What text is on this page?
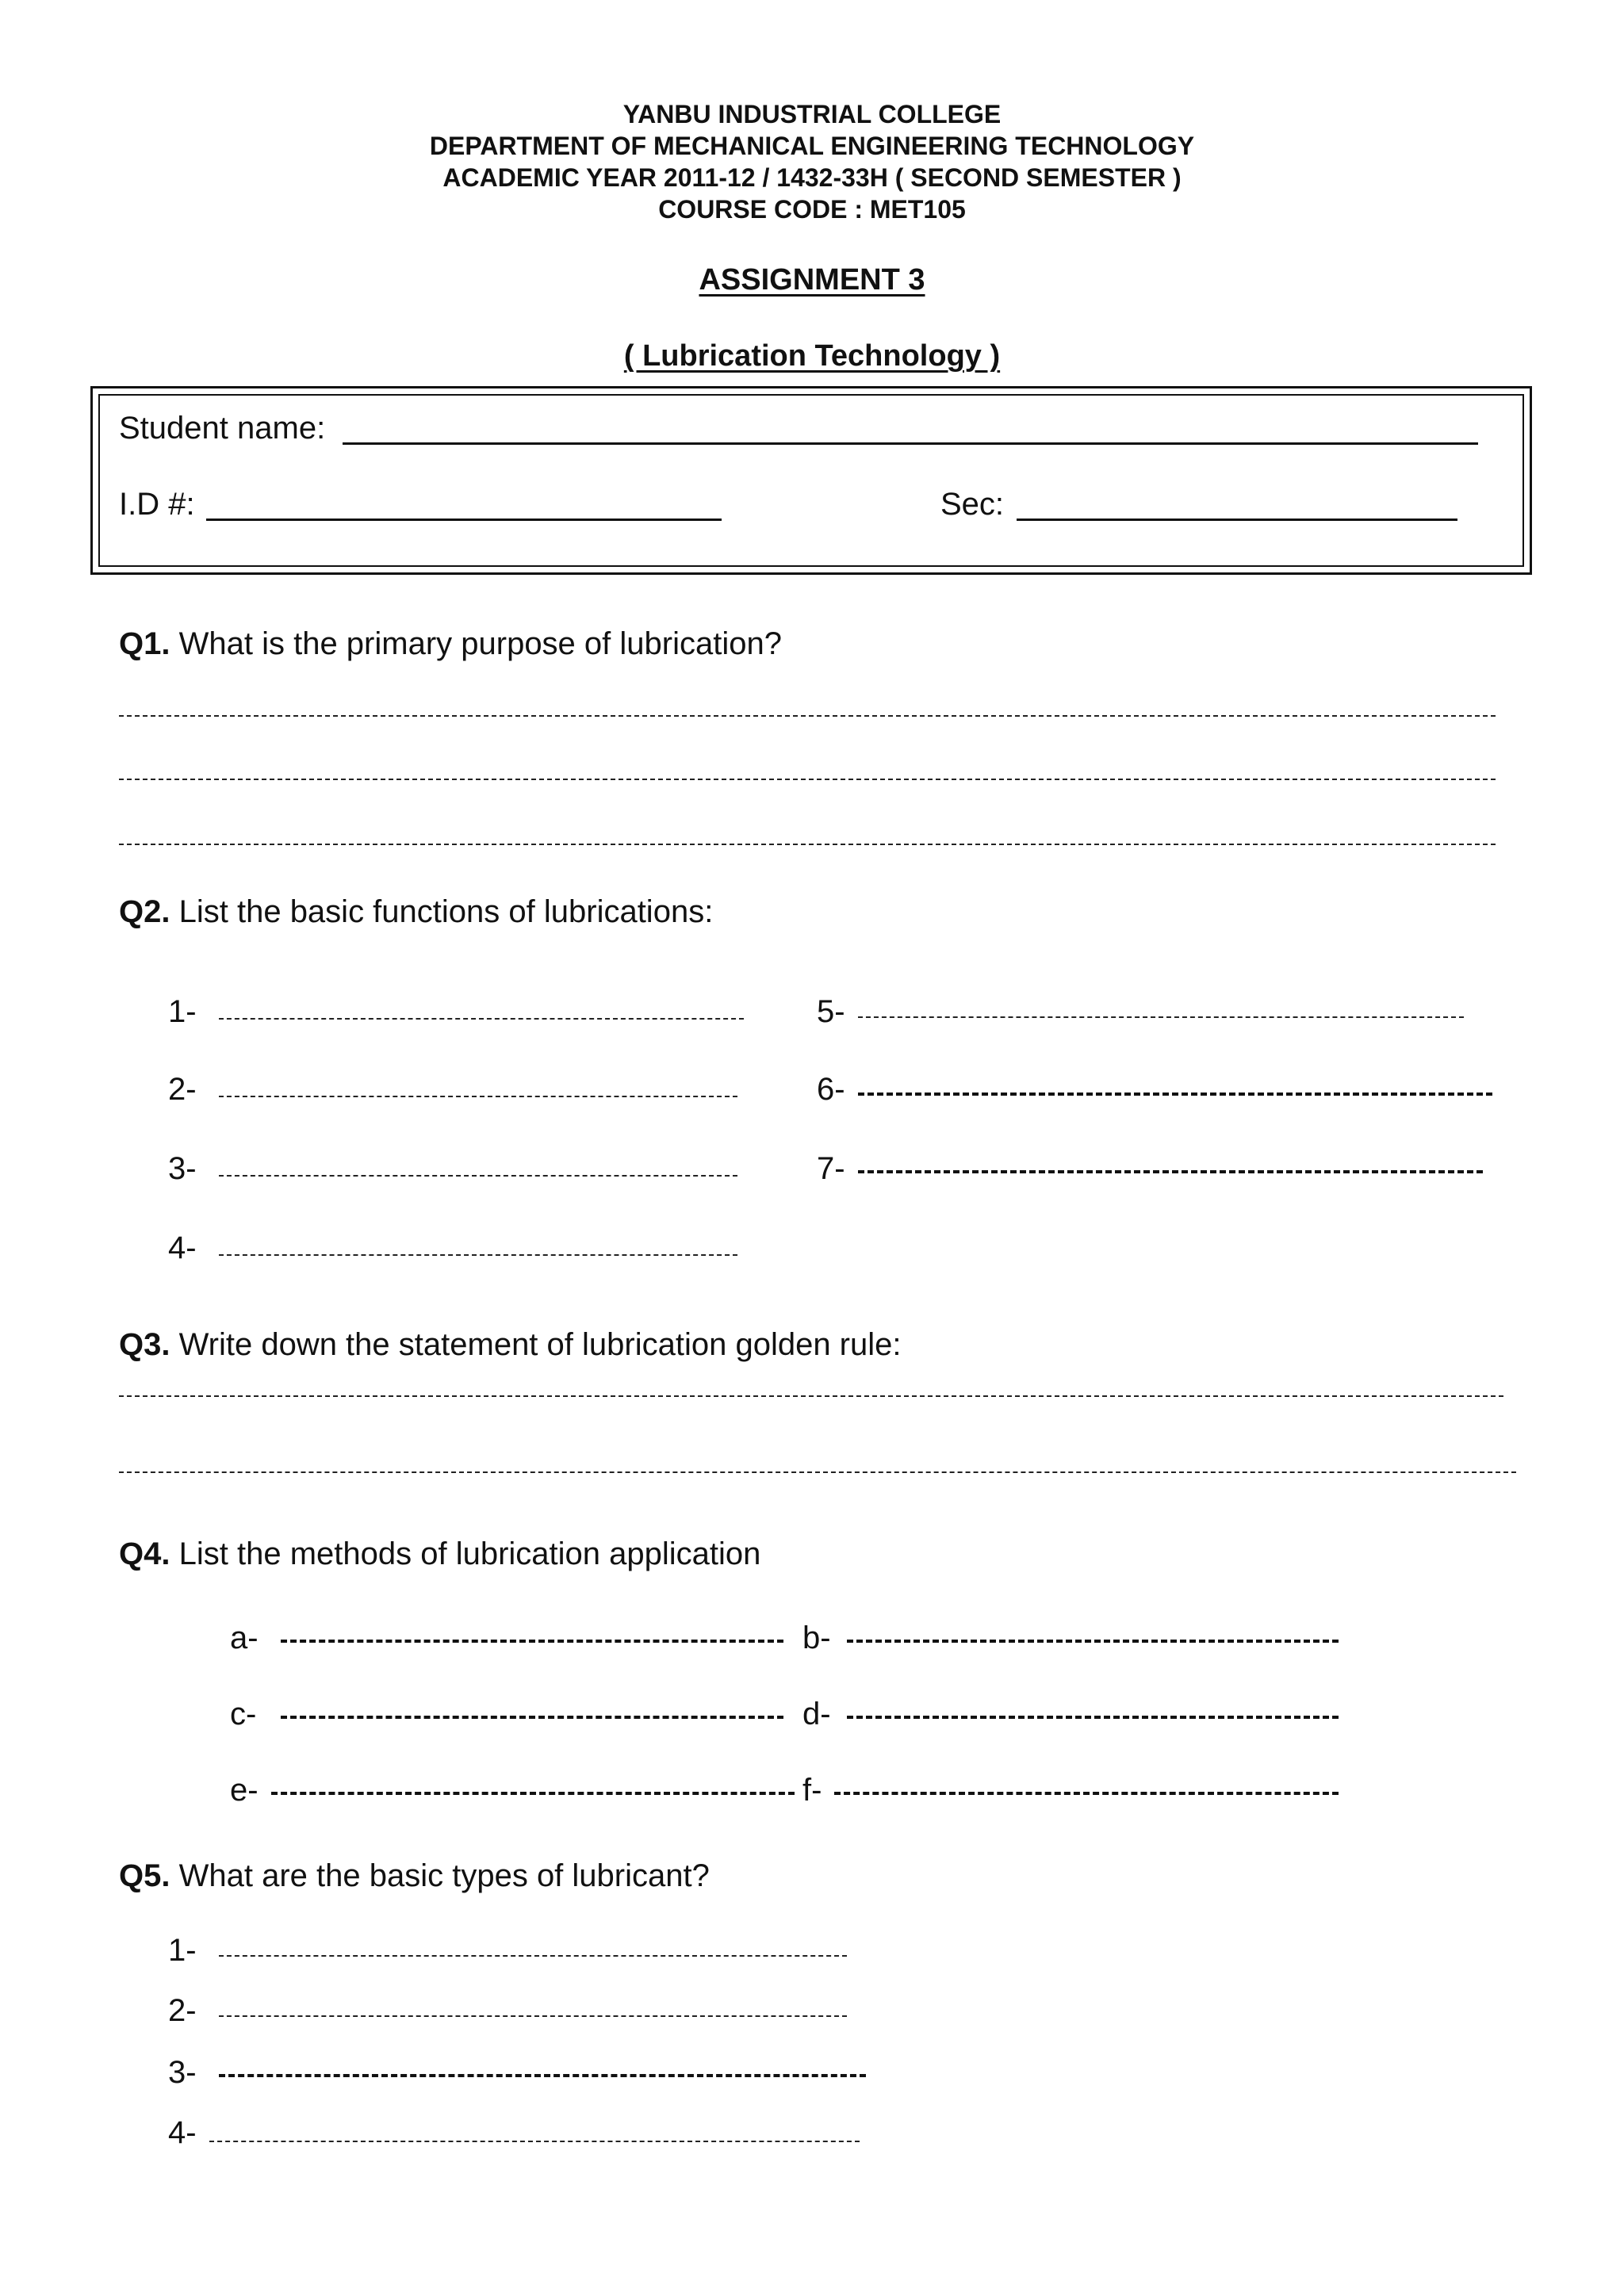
YANBU INDUSTRIAL COLLEGE
DEPARTMENT OF MECHANICAL ENGINEERING TECHNOLOGY
ACADEMIC YEAR 2011-12 / 1432-33H ( SECOND SEMESTER )
COURSE CODE : MET105
ASSIGNMENT 3
( Lubrication Technology )
Student name:
I.D #:	Sec:
Q1. What is the primary purpose of lubrication?
Q2. List the basic functions of lubrications:
1-
2-
3-
4-
5-
6-
7-
Q3. Write down the statement of lubrication golden rule:
Q4. List the methods of lubrication application
a-	b-
c-	d-
e-	f-
Q5. What are the basic types of lubricant?
1-
2-
3-
4-
